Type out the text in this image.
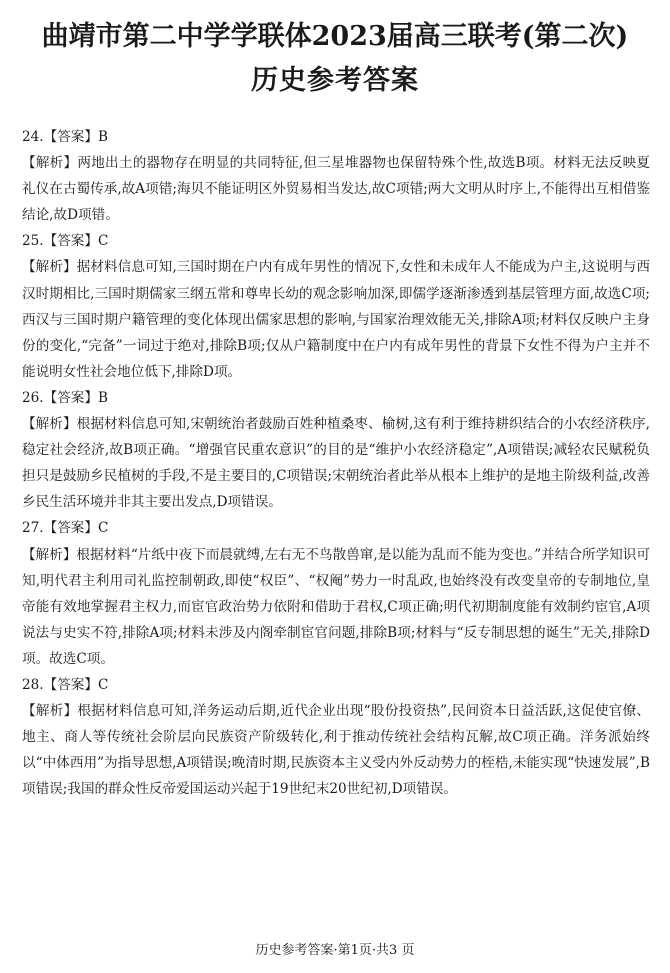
曲靖市第二中学学联体2023届高三联考(第二次)
历史参考答案
24.【答案】B
【解析】两地出土的器物存在明显的共同特征,但三星堆器物也保留特殊个性,故选B项。材料无法反映夏礼仪在古蜀传承,故A项错;海贝不能证明区外贸易相当发达,故C项错;两大文明从时序上,不能得出互相借鉴结论,故D项错。
25.【答案】C
【解析】据材料信息可知,三国时期在户内有成年男性的情况下,女性和未成年人不能成为户主,这说明与西汉时期相比,三国时期儒家三纲五常和尊卑长幼的观念影响加深,即儒学逐渐渗透到基层管理方面,故选C项;西汉与三国时期户籍管理的变化体现出儒家思想的影响,与国家治理效能无关,排除A项;材料仅反映户主身份的变化,“完备”一词过于绝对,排除B项;仅从户籍制度中在户内有成年男性的背景下女性不得为户主并不能说明女性社会地位低下,排除D项。
26.【答案】B
【解析】根据材料信息可知,宋朝统治者鼓励百姓种植桑枣、榆树,这有利于维持耕织结合的小农经济秩序,稳定社会经济,故B项正确。“增强官民重农意识”的目的是“维护小农经济稳定”,A项错误;减轻农民赋税负担只是鼓励乡民植树的手段,不是主要目的,C项错误;宋朝统治者此举从根本上维护的是地主阶级利益,改善乡民生活环境并非其主要出发点,D项错误。
27.【答案】C
【解析】根据材料“片纸中夜下而晨就缚,左右无不鸟散兽窜,是以能为乱而不能为变也。”并结合所学知识可知,明代君主利用司礼监控制朝政,即使“权臣”、“权阉”势力一时乱政,也始终没有改变皇帝的专制地位,皇帝能有效地掌握君主权力,而宦官政治势力依附和借助于君权,C项正确;明代初期制度能有效制约宦官,A项说法与史实不符,排除A项;材料未涉及内阁牵制宦官问题,排除B项;材料与“反专制思想的诞生”无关,排除D项。故选C项。
28.【答案】C
【解析】根据材料信息可知,洋务运动后期,近代企业出现“股份投资热”,民间资本日益活跃,这促使官僚、地主、商人等传统社会阶层向民族资产阶级转化,利于推动传统社会结构瓦解,故C项正确。洋务派始终以“中体西用”为指导思想,A项错误;晚清时期,民族资本主义受内外反动势力的桎梏,未能实现“快速发展”,B项错误;我国的群众性反帝爱国运动兴起于19世纪末20世纪初,D项错误。
历史参考答案·第1页·共3 页
